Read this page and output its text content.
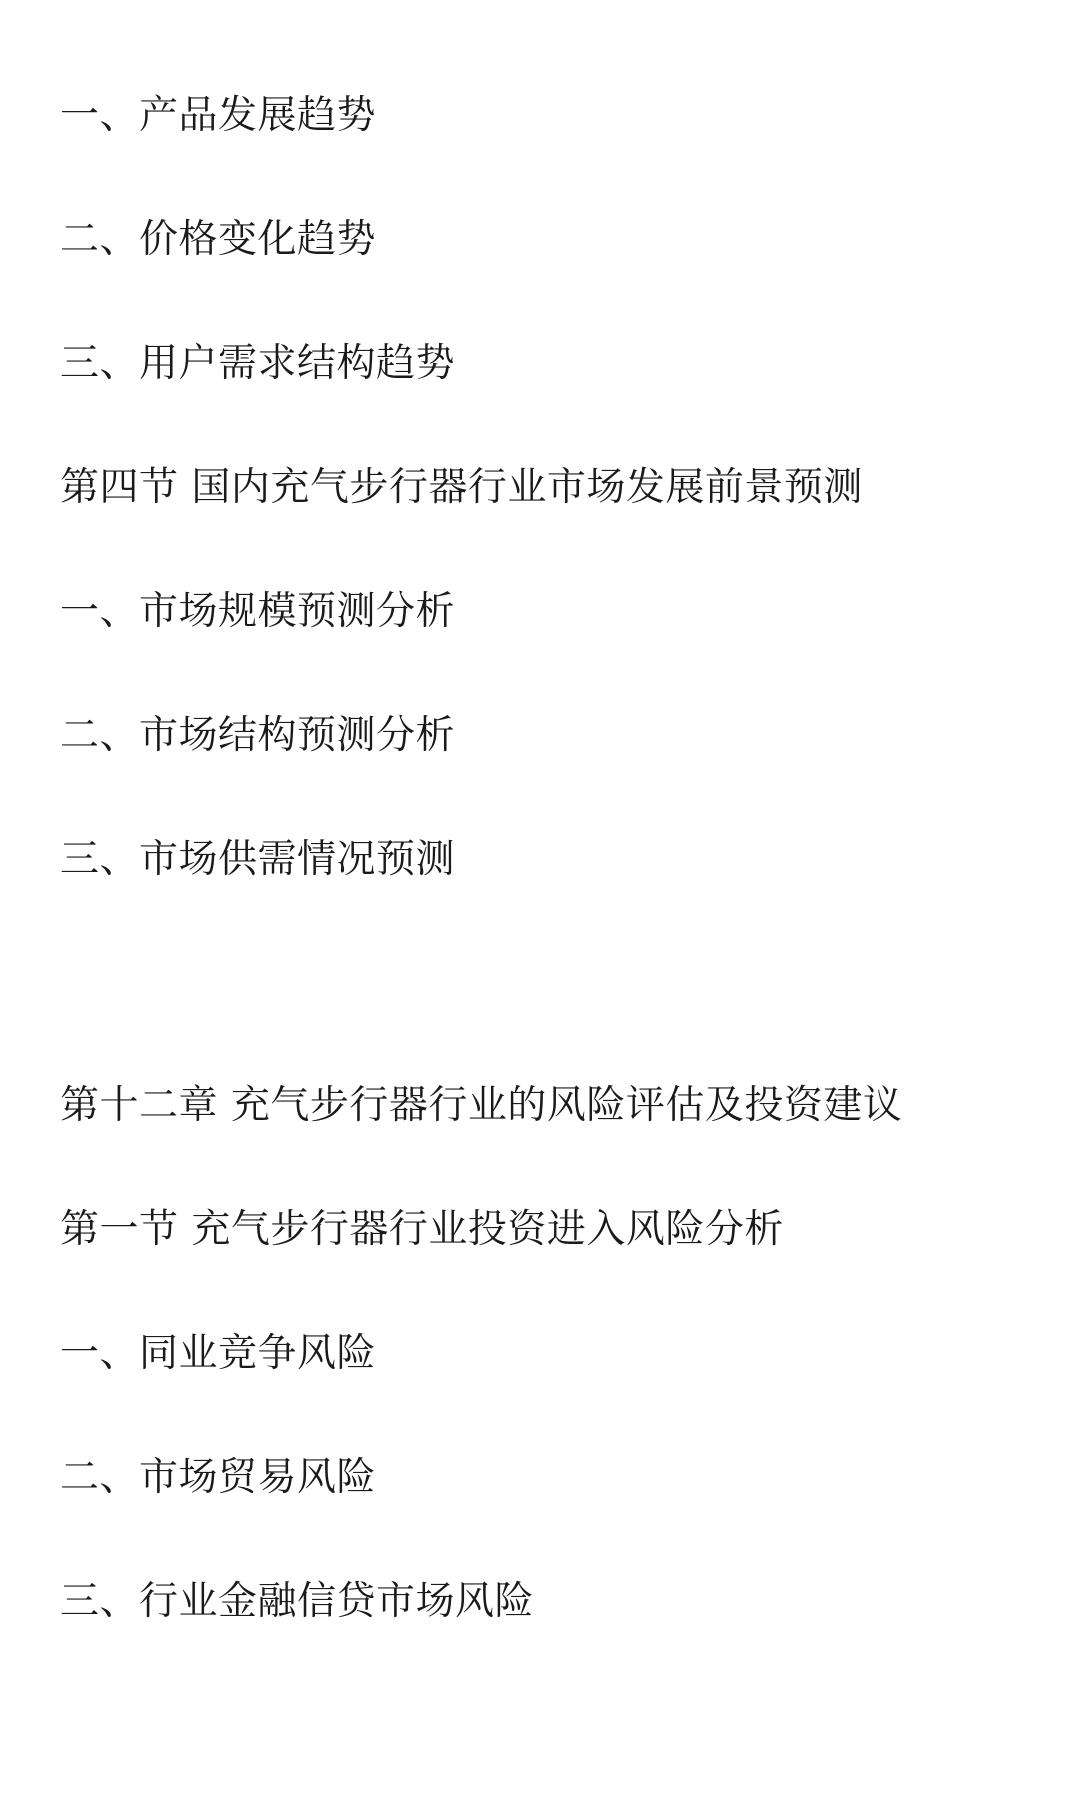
一、产品发展趋势
二、价格变化趋势
三、用户需求结构趋势
第四节 国内充气步行器行业市场发展前景预测
一、市场规模预测分析
二、市场结构预测分析
三、市场供需情况预测
第十二章 充气步行器行业的风险评估及投资建议
第一节 充气步行器行业投资进入风险分析
一、同业竞争风险
二、市场贸易风险
三、行业金融信贷市场风险
